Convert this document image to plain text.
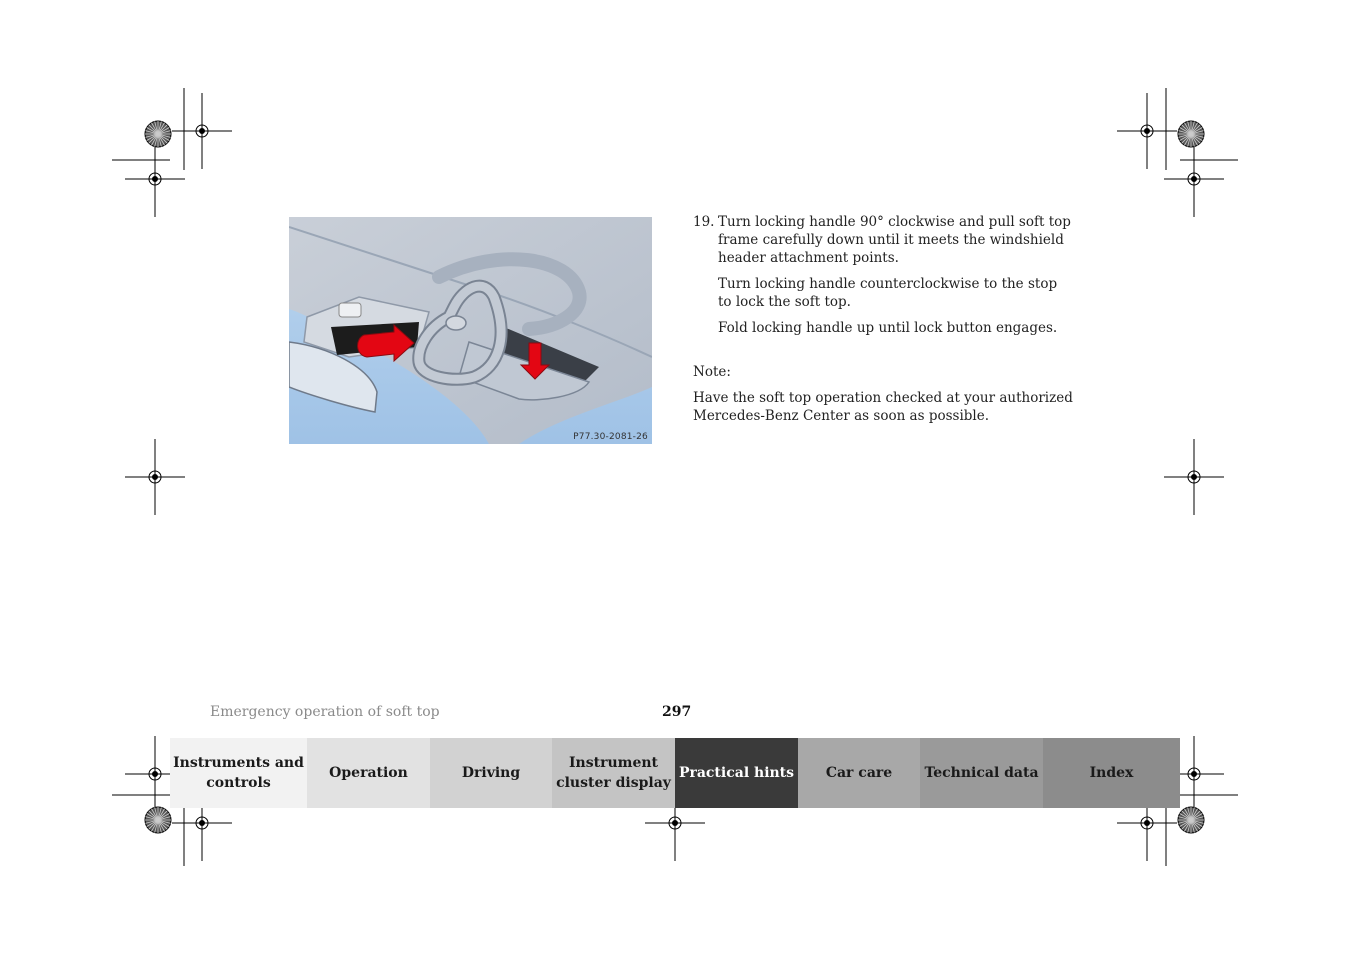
P77.30-2081-26
19. Turn locking handle 90° clockwise and pull soft top frame carefully down until it meets the windshield header attachment points.

Turn locking handle counterclockwise to the stop to lock the soft top.

Fold locking handle up until lock button engages.

Note:

Have the soft top operation checked at your authorized Mercedes-Benz Center as soon as possible.

Emergency operation of soft top	297
Instruments and controls
Operation	Driving
Instrument cluster display
Practical hints Car care Technical data	Index
